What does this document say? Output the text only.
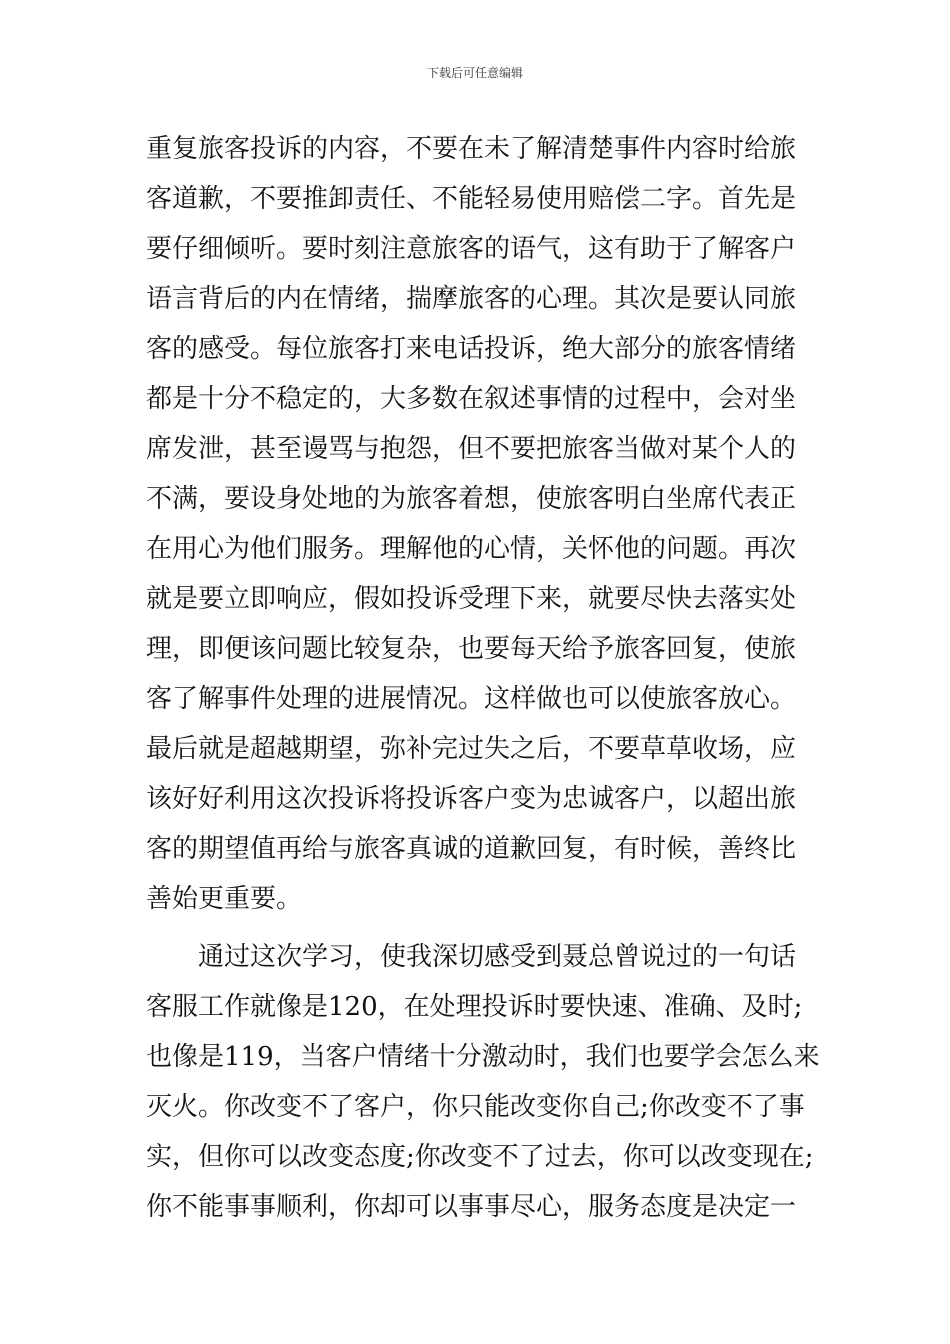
下载后可任意编辑
重复旅客投诉的内容，不要在未了解清楚事件内容时给旅
客道歉，不要推卸责任、不能轻易使用赔偿二字。首先是
要仔细倾听。要时刻注意旅客的语气，这有助于了解客户
语言背后的内在情绪，揣摩旅客的心理。其次是要认同旅
客的感受。每位旅客打来电话投诉，绝大部分的旅客情绪
都是十分不稳定的，大多数在叙述事情的过程中，会对坐
席发泄，甚至谩骂与抱怨，但不要把旅客当做对某个人的
不满，要设身处地的为旅客着想，使旅客明白坐席代表正
在用心为他们服务。理解他的心情，关怀他的问题。再次
就是要立即响应，假如投诉受理下来，就要尽快去落实处
理，即便该问题比较复杂，也要每天给予旅客回复，使旅
客了解事件处理的进展情况。这样做也可以使旅客放心。
最后就是超越期望，弥补完过失之后，不要草草收场，应
该好好利用这次投诉将投诉客户变为忠诚客户，以超出旅
客的期望值再给与旅客真诚的道歉回复，有时候，善终比
善始更重要。
　　通过这次学习，使我深切感受到聂总曾说过的一句话
客服工作就像是120，在处理投诉时要快速、准确、及时;
也像是119，当客户情绪十分激动时，我们也要学会怎么来
灭火。你改变不了客户，你只能改变你自己;你改变不了事
实，但你可以改变态度;你改变不了过去，你可以改变现在;
你不能事事顺利，你却可以事事尽心，服务态度是决定一
